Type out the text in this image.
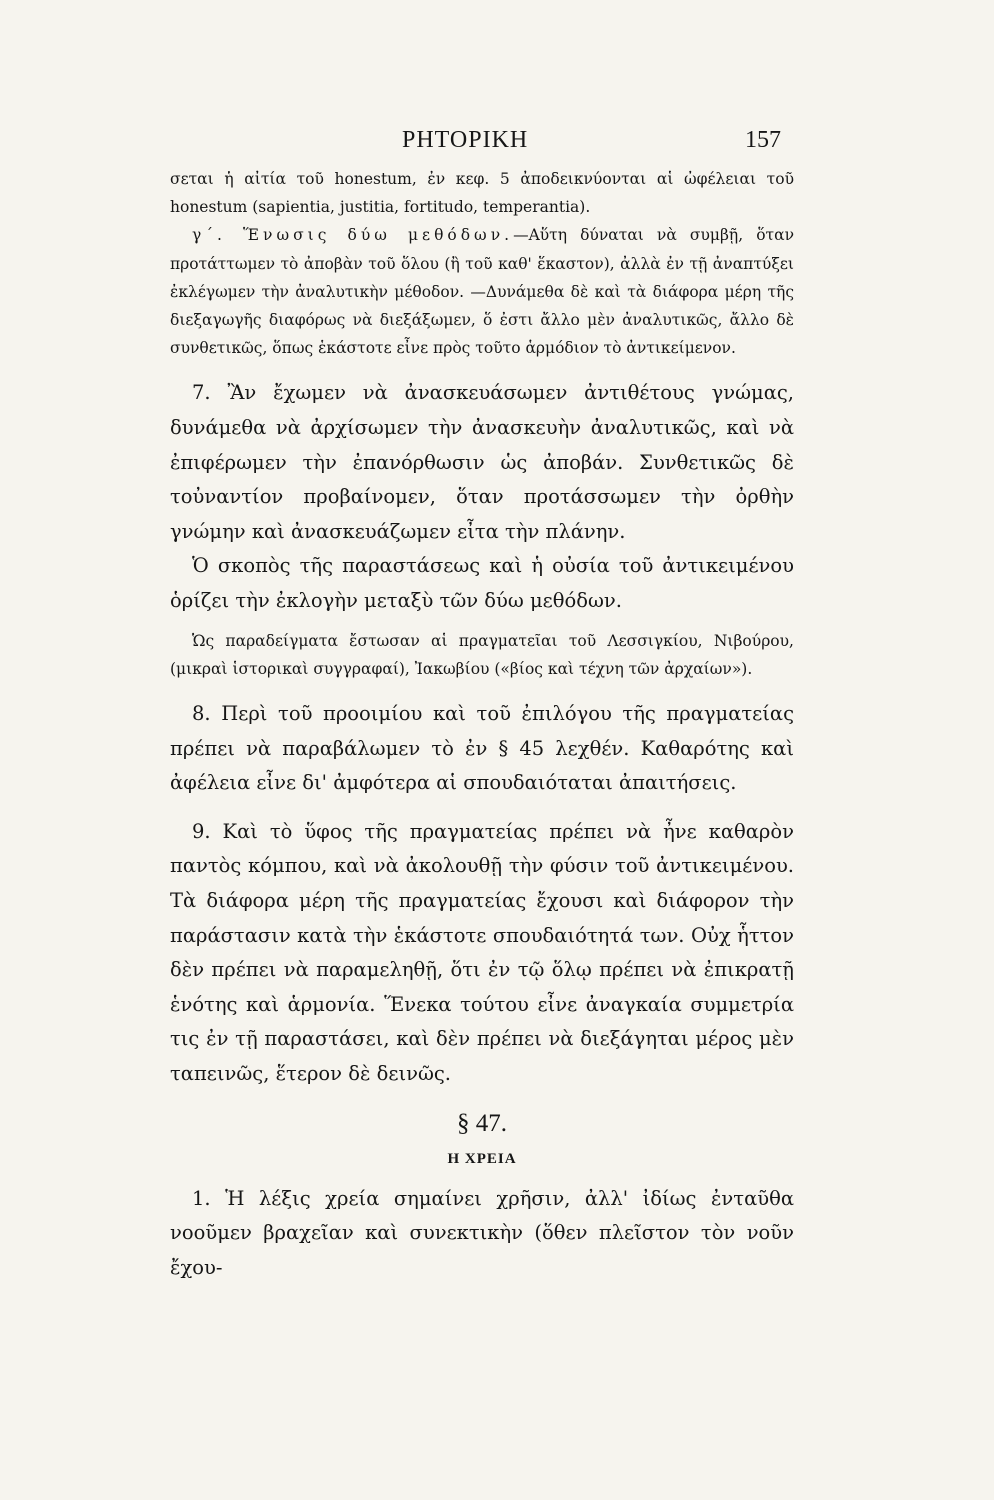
ΡΗΤΟΡΙΚΗ	157

σεται ἡ αἰτία τοῦ honestum, ἐν κεφ. 5 ἀποδεικνύονται αἱ ὠφέλειαι τοῦ honestum (sapientia, justitia, fortitudo, temperantia).

γ΄. Ἕνωσις δύω μεθόδων.—Αὕτη δύναται νὰ συμβῇ, ὅταν προτάττωμεν τὸ ἀποβὰν τοῦ ὅλου (ἢ τοῦ καθ' ἕκαστον), ἀλλὰ ἐν τῇ ἀναπτύξει ἐκλέγωμεν τὴν ἀναλυτικὴν μέθοδον. —Δυνάμεθα δὲ καὶ τὰ διάφορα μέρη τῆς διεξαγωγῆς διαφόρως νὰ διεξάξωμεν, ὅ ἐστι ἄλλο μὲν ἀναλυτικῶς, ἄλλο δὲ συνθετικῶς, ὅπως ἑκάστοτε εἶνε πρὸς τοῦτο ἁρμόδιον τὸ ἀντικείμενον.

7. Ἂν ἔχωμεν νὰ ἀνασκευάσωμεν ἀντιθέτους γνώμας, δυνάμεθα νὰ ἀρχίσωμεν τὴν ἀνασκευὴν ἀναλυτικῶς, καὶ νὰ ἐπιφέρωμεν τὴν ἐπανόρθωσιν ὡς ἀποβάν. Συνθετικῶς δὲ τοὐναντίον προβαίνομεν, ὅταν προτάσσωμεν τὴν ὀρθὴν γνώμην καὶ ἀνασκευάζωμεν εἶτα τὴν πλάνην.

Ὁ σκοπὸς τῆς παραστάσεως καὶ ἡ οὐσία τοῦ ἀντικειμένου ὁρίζει τὴν ἐκλογὴν μεταξὺ τῶν δύω μεθόδων.

Ὡς παραδείγματα ἔστωσαν αἱ πραγματεῖαι τοῦ Λεσσιγκίου, Νιβούρου, (μικραὶ ἱστορικαὶ συγγραφαί), Ἰακωβίου («βίος καὶ τέχνη τῶν ἀρχαίων»).

8. Περὶ τοῦ προοιμίου καὶ τοῦ ἐπιλόγου τῆς πραγματείας πρέπει νὰ παραβάλωμεν τὸ ἐν § 45 λεχθέν. Καθαρότης καὶ ἀφέλεια εἶνε δι' ἀμφότερα αἱ σπουδαιόταται ἀπαιτήσεις.

9. Καὶ τὸ ὕφος τῆς πραγματείας πρέπει νὰ ἦνε καθαρὸν παντὸς κόμπου, καὶ νὰ ἀκολουθῇ τὴν φύσιν τοῦ ἀντικειμένου. Τὰ διάφορα μέρη τῆς πραγματείας ἔχουσι καὶ διάφορον τὴν παράστασιν κατὰ τὴν ἑκάστοτε σπουδαιότητά των. Οὐχ ἧττον δὲν πρέπει νὰ παραμεληθῇ, ὅτι ἐν τῷ ὅλῳ πρέπει νὰ ἐπικρατῇ ἑνότης καὶ ἁρμονία. Ἕνεκα τούτου εἶνε ἀναγκαία συμμετρία τις ἐν τῇ παραστάσει, καὶ δὲν πρέπει νὰ διεξάγηται μέρος μὲν ταπεινῶς, ἕτερον δὲ δεινῶς.

§ 47.
Η ΧΡΕΙΑ

1. Ἡ λέξις χρεία σημαίνει χρῆσιν, ἀλλ' ἰδίως ἐνταῦθα νοοῦμεν βραχεῖαν καὶ συνεκτικὴν (ὅθεν πλεῖστον τὸν νοῦν ἔχου-
